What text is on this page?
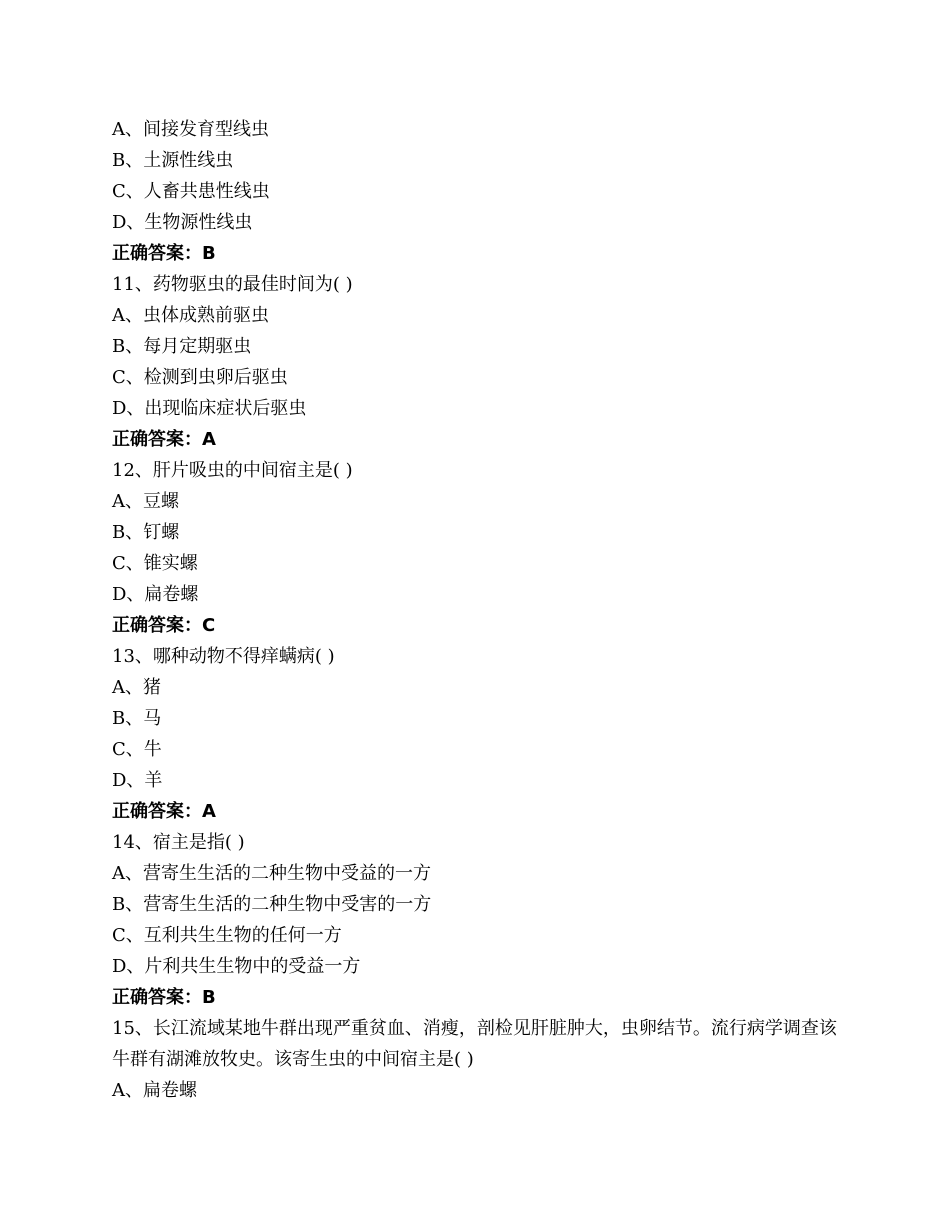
A、间接发育型线虫
B、土源性线虫
C、人畜共患性线虫
D、生物源性线虫
正确答案：B
11、药物驱虫的最佳时间为( )
A、虫体成熟前驱虫
B、每月定期驱虫
C、检测到虫卵后驱虫
D、出现临床症状后驱虫
正确答案：A
12、肝片吸虫的中间宿主是( )
A、豆螺
B、钉螺
C、锥实螺
D、扁卷螺
正确答案：C
13、哪种动物不得痒螨病( )
A、猪
B、马
C、牛
D、羊
正确答案：A
14、宿主是指( )
A、营寄生生活的二种生物中受益的一方
B、营寄生生活的二种生物中受害的一方
C、互利共生生物的任何一方
D、片利共生生物中的受益一方
正确答案：B
15、长江流域某地牛群出现严重贫血、消瘦，剖检见肝脏肿大，虫卵结节。流行病学调查该牛群有湖滩放牧史。该寄生虫的中间宿主是( )
A、扁卷螺
